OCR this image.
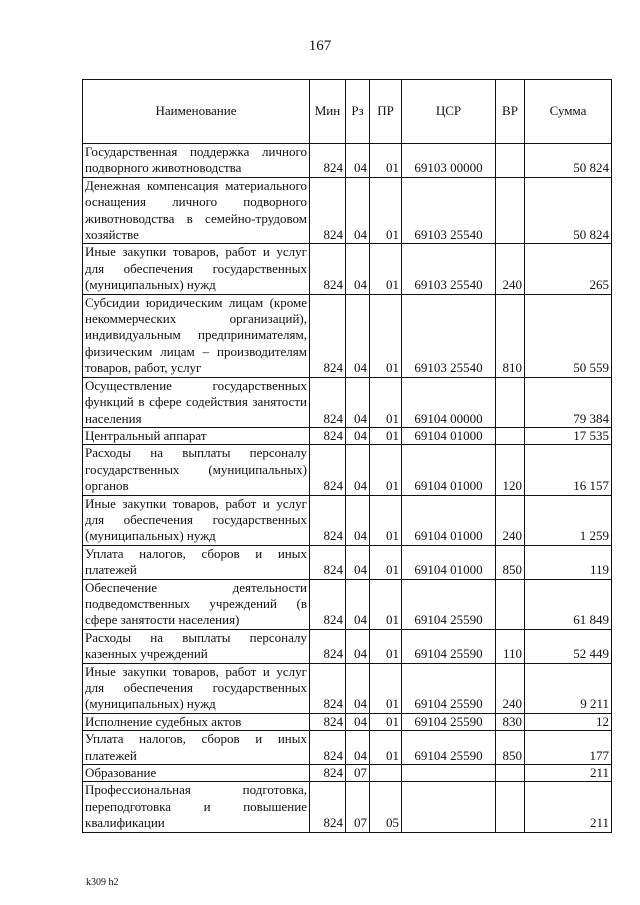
167
Наименование	Мин	Рз	ПР	ЦСР	ВР	Сумма
Государственная поддержка личного подворного животноводства	824	04	01	69103 00000		50 824
Денежная компенсация материального оснащения личного подворного животноводства в семейно-трудовом хозяйстве	824	04	01	69103 25540		50 824
Иные закупки товаров, работ и услуг для обеспечения государственных (муниципальных) нужд	824	04	01	69103 25540	240	265
Субсидии юридическим лицам (кроме некоммерческих организаций), индивидуальным предпринимателям, физическим лицам – производителям товаров, работ, услуг	824	04	01	69103 25540	810	50 559
Осуществление государственных функций в сфере содействия занятости населения	824	04	01	69104 00000		79 384
Центральный аппарат	824	04	01	69104 01000		17 535
Расходы на выплаты персоналу государственных (муниципальных) органов	824	04	01	69104 01000	120	16 157
Иные закупки товаров, работ и услуг для обеспечения государственных (муниципальных) нужд	824	04	01	69104 01000	240	1 259
Уплата налогов, сборов и иных платежей	824	04	01	69104 01000	850	119
Обеспечение деятельности подведомственных учреждений (в сфере занятости населения)	824	04	01	69104 25590		61 849
Расходы на выплаты персоналу казенных учреждений	824	04	01	69104 25590	110	52 449
Иные закупки товаров, работ и услуг для обеспечения государственных (муниципальных) нужд	824	04	01	69104 25590	240	9 211
Исполнение судебных актов	824	04	01	69104 25590	830	12
Уплата налогов, сборов и иных платежей	824	04	01	69104 25590	850	177
Образование	824	07				211
Профессиональная подготовка, переподготовка и повышение квалификации	824	07	05			211
k309 h2
